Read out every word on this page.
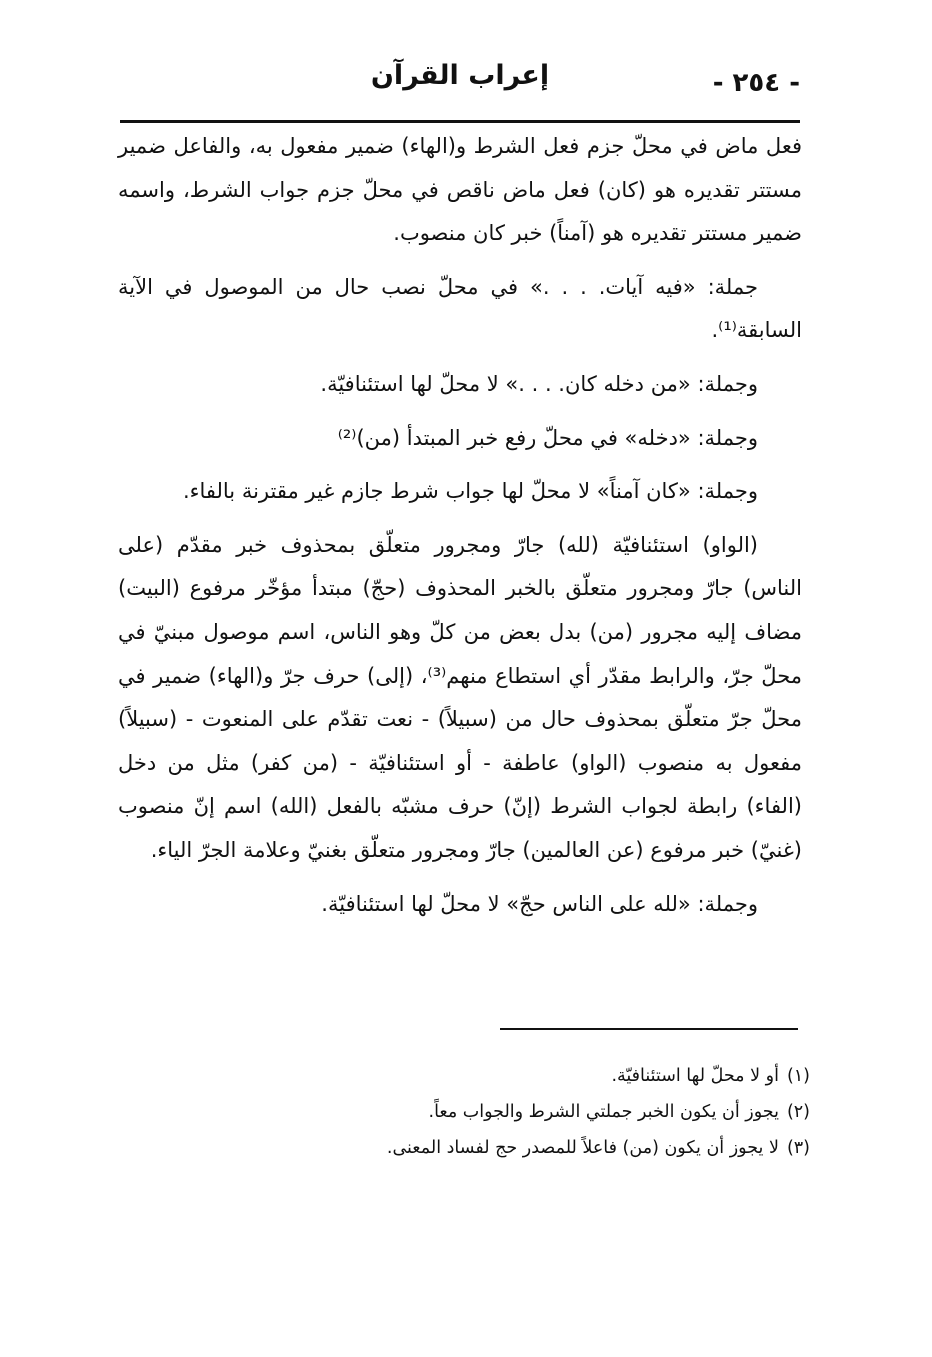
إعراب القرآن	- ٢٥٤ -

فعل ماض في محلّ جزم فعل الشرط و(الهاء) ضمير مفعول به، والفاعل ضمير مستتر تقديره هو (كان) فعل ماض ناقص في محلّ جزم جواب الشرط، واسمه ضمير مستتر تقديره هو (آمناً) خبر كان منصوب.

جملة: «فيه آيات. . . .» في محلّ نصب حال من الموصول في الآية السابقة⁽¹⁾.

وجملة: «من دخله كان. . . .» لا محلّ لها استئنافيّة.

وجملة: «دخله» في محلّ رفع خبر المبتدأ (من)⁽²⁾

وجملة: «كان آمناً» لا محلّ لها جواب شرط جازم غير مقترنة بالفاء.

(الواو) استئنافيّة (لله) جارّ ومجرور متعلّق بمحذوف خبر مقدّم (على الناس) جارّ ومجرور متعلّق بالخبر المحذوف (حجّ) مبتدأ مؤخّر مرفوع (البيت) مضاف إليه مجرور (من) بدل بعض من كلّ وهو الناس، اسم موصول مبنيّ في محلّ جرّ، والرابط مقدّر أي استطاع منهم⁽³⁾، (إلى) حرف جرّ و(الهاء) ضمير في محلّ جرّ متعلّق بمحذوف حال من (سبيلاً) - نعت تقدّم على المنعوت - (سبيلاً) مفعول به منصوب (الواو) عاطفة - أو استئنافيّة - (من كفر) مثل من دخل (الفاء) رابطة لجواب الشرط (إنّ) حرف مشبّه بالفعل (الله) اسم إنّ منصوب (غنيّ) خبر مرفوع (عن العالمين) جارّ ومجرور متعلّق بغنيّ وعلامة الجرّ الياء.

وجملة: «لله على الناس حجّ» لا محلّ لها استئنافيّة.

(١)أو لا محلّ لها استئنافيّة.

(٢)يجوز أن يكون الخبر جملتي الشرط والجواب معاً.

(٣)لا يجوز أن يكون (من) فاعلاً للمصدر حج لفساد المعنى.
